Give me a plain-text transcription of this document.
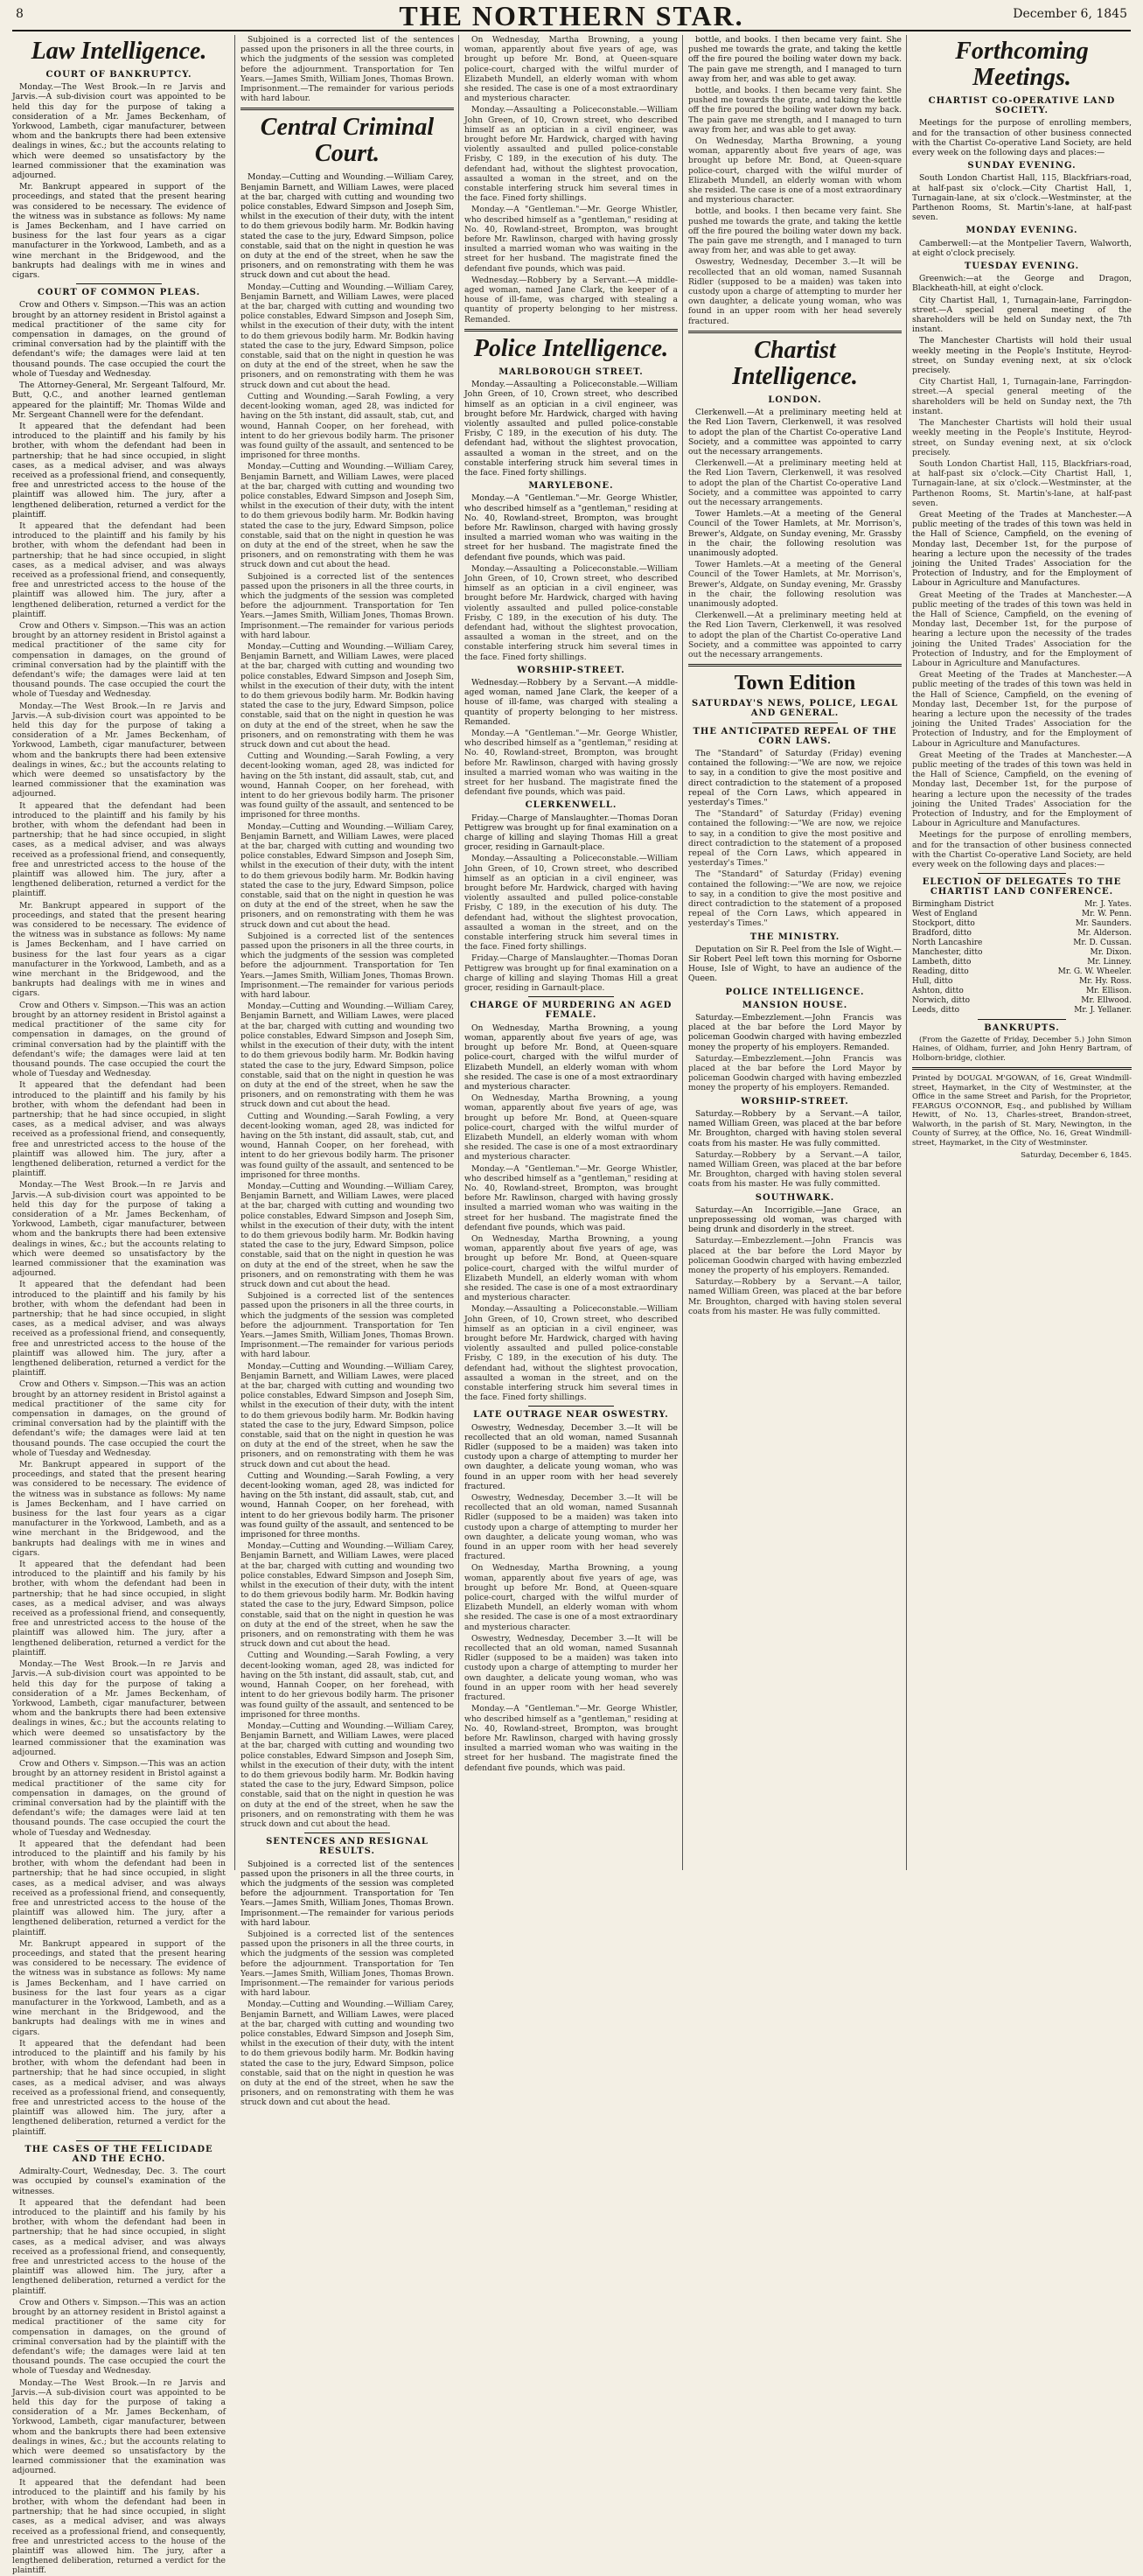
8	THE NORTHERN STAR.	December 6, 1845
Law Intelligence.
COURT OF BANKRUPTCY.

Monday.—The West Brook.—In re Jarvis and Jarvis.—A sub-division court was appointed to be held this day for the purpose of taking a consideration of a Mr. James Beckenham, of Yorkwood, Lambeth, cigar manufacturer, between whom and the bankrupts there had been extensive dealings in wines, &c.; but the accounts relating to which were deemed so unsatisfactory by the learned commissioner that the examination was adjourned.

Mr. Bankrupt appeared in support of the proceedings, and stated that the present hearing was considered to be necessary. The evidence of the witness was in substance as follows: My name is James Beckenham, and I have carried on business for the last four years as a cigar manufacturer in the Yorkwood, Lambeth, and as a wine merchant in the Bridgewood, and the bankrupts had dealings with me in wines and cigars.

COURT OF COMMON PLEAS.

Crow and Others v. Simpson.—This was an action brought by an attorney resident in Bristol against a medical practitioner of the same city for compensation in damages, on the ground of criminal conversation had by the plaintiff with the defendant's wife; the damages were laid at ten thousand pounds. The case occupied the court the whole of Tuesday and Wednesday.

The Attorney-General, Mr. Sergeant Talfourd, Mr. Butt, Q.C., and another learned gentleman appeared for the plaintiff; Mr. Thomas Wilde and Mr. Sergeant Channell were for the defendant.

It appeared that the defendant had been introduced to the plaintiff and his family by his brother, with whom the defendant had been in partnership; that he had since occupied, in slight cases, as a medical adviser, and was always received as a professional friend, and consequently, free and unrestricted access to the house of the plaintiff was allowed him. The jury, after a lengthened deliberation, returned a verdict for the plaintiff.

It appeared that the defendant had been introduced to the plaintiff and his family by his brother, with whom the defendant had been in partnership; that he had since occupied, in slight cases, as a medical adviser, and was always received as a professional friend, and consequently, free and unrestricted access to the house of the plaintiff was allowed him. The jury, after a lengthened deliberation, returned a verdict for the plaintiff.

Crow and Others v. Simpson.—This was an action brought by an attorney resident in Bristol against a medical practitioner of the same city for compensation in damages, on the ground of criminal conversation had by the plaintiff with the defendant's wife; the damages were laid at ten thousand pounds. The case occupied the court the whole of Tuesday and Wednesday.

Monday.—The West Brook.—In re Jarvis and Jarvis.—A sub-division court was appointed to be held this day for the purpose of taking a consideration of a Mr. James Beckenham, of Yorkwood, Lambeth, cigar manufacturer, between whom and the bankrupts there had been extensive dealings in wines, &c.; but the accounts relating to which were deemed so unsatisfactory by the learned commissioner that the examination was adjourned.

It appeared that the defendant had been introduced to the plaintiff and his family by his brother, with whom the defendant had been in partnership; that he had since occupied, in slight cases, as a medical adviser, and was always received as a professional friend, and consequently, free and unrestricted access to the house of the plaintiff was allowed him. The jury, after a lengthened deliberation, returned a verdict for the plaintiff.

Mr. Bankrupt appeared in support of the proceedings, and stated that the present hearing was considered to be necessary. The evidence of the witness was in substance as follows: My name is James Beckenham, and I have carried on business for the last four years as a cigar manufacturer in the Yorkwood, Lambeth, and as a wine merchant in the Bridgewood, and the bankrupts had dealings with me in wines and cigars.

Crow and Others v. Simpson.—This was an action brought by an attorney resident in Bristol against a medical practitioner of the same city for compensation in damages, on the ground of criminal conversation had by the plaintiff with the defendant's wife; the damages were laid at ten thousand pounds. The case occupied the court the whole of Tuesday and Wednesday.

It appeared that the defendant had been introduced to the plaintiff and his family by his brother, with whom the defendant had been in partnership; that he had since occupied, in slight cases, as a medical adviser, and was always received as a professional friend, and consequently, free and unrestricted access to the house of the plaintiff was allowed him. The jury, after a lengthened deliberation, returned a verdict for the plaintiff.

Monday.—The West Brook.—In re Jarvis and Jarvis.—A sub-division court was appointed to be held this day for the purpose of taking a consideration of a Mr. James Beckenham, of Yorkwood, Lambeth, cigar manufacturer, between whom and the bankrupts there had been extensive dealings in wines, &c.; but the accounts relating to which were deemed so unsatisfactory by the learned commissioner that the examination was adjourned.

It appeared that the defendant had been introduced to the plaintiff and his family by his brother, with whom the defendant had been in partnership; that he had since occupied, in slight cases, as a medical adviser, and was always received as a professional friend, and consequently, free and unrestricted access to the house of the plaintiff was allowed him. The jury, after a lengthened deliberation, returned a verdict for the plaintiff.

Crow and Others v. Simpson.—This was an action brought by an attorney resident in Bristol against a medical practitioner of the same city for compensation in damages, on the ground of criminal conversation had by the plaintiff with the defendant's wife; the damages were laid at ten thousand pounds. The case occupied the court the whole of Tuesday and Wednesday.

Mr. Bankrupt appeared in support of the proceedings, and stated that the present hearing was considered to be necessary. The evidence of the witness was in substance as follows: My name is James Beckenham, and I have carried on business for the last four years as a cigar manufacturer in the Yorkwood, Lambeth, and as a wine merchant in the Bridgewood, and the bankrupts had dealings with me in wines and cigars.

It appeared that the defendant had been introduced to the plaintiff and his family by his brother, with whom the defendant had been in partnership; that he had since occupied, in slight cases, as a medical adviser, and was always received as a professional friend, and consequently, free and unrestricted access to the house of the plaintiff was allowed him. The jury, after a lengthened deliberation, returned a verdict for the plaintiff.

Monday.—The West Brook.—In re Jarvis and Jarvis.—A sub-division court was appointed to be held this day for the purpose of taking a consideration of a Mr. James Beckenham, of Yorkwood, Lambeth, cigar manufacturer, between whom and the bankrupts there had been extensive dealings in wines, &c.; but the accounts relating to which were deemed so unsatisfactory by the learned commissioner that the examination was adjourned.

Crow and Others v. Simpson.—This was an action brought by an attorney resident in Bristol against a medical practitioner of the same city for compensation in damages, on the ground of criminal conversation had by the plaintiff with the defendant's wife; the damages were laid at ten thousand pounds. The case occupied the court the whole of Tuesday and Wednesday.

It appeared that the defendant had been introduced to the plaintiff and his family by his brother, with whom the defendant had been in partnership; that he had since occupied, in slight cases, as a medical adviser, and was always received as a professional friend, and consequently, free and unrestricted access to the house of the plaintiff was allowed him. The jury, after a lengthened deliberation, returned a verdict for the plaintiff.

Mr. Bankrupt appeared in support of the proceedings, and stated that the present hearing was considered to be necessary. The evidence of the witness was in substance as follows: My name is James Beckenham, and I have carried on business for the last four years as a cigar manufacturer in the Yorkwood, Lambeth, and as a wine merchant in the Bridgewood, and the bankrupts had dealings with me in wines and cigars.

It appeared that the defendant had been introduced to the plaintiff and his family by his brother, with whom the defendant had been in partnership; that he had since occupied, in slight cases, as a medical adviser, and was always received as a professional friend, and consequently, free and unrestricted access to the house of the plaintiff was allowed him. The jury, after a lengthened deliberation, returned a verdict for the plaintiff.

THE CASES OF THE FELICIDADE AND THE ECHO.

Admiralty-Court, Wednesday, Dec. 3. The court was occupied by counsel's examination of the witnesses.

It appeared that the defendant had been introduced to the plaintiff and his family by his brother, with whom the defendant had been in partnership; that he had since occupied, in slight cases, as a medical adviser, and was always received as a professional friend, and consequently, free and unrestricted access to the house of the plaintiff was allowed him. The jury, after a lengthened deliberation, returned a verdict for the plaintiff.

Crow and Others v. Simpson.—This was an action brought by an attorney resident in Bristol against a medical practitioner of the same city for compensation in damages, on the ground of criminal conversation had by the plaintiff with the defendant's wife; the damages were laid at ten thousand pounds. The case occupied the court the whole of Tuesday and Wednesday.

Monday.—The West Brook.—In re Jarvis and Jarvis.—A sub-division court was appointed to be held this day for the purpose of taking a consideration of a Mr. James Beckenham, of Yorkwood, Lambeth, cigar manufacturer, between whom and the bankrupts there had been extensive dealings in wines, &c.; but the accounts relating to which were deemed so unsatisfactory by the learned commissioner that the examination was adjourned.

It appeared that the defendant had been introduced to the plaintiff and his family by his brother, with whom the defendant had been in partnership; that he had since occupied, in slight cases, as a medical adviser, and was always received as a professional friend, and consequently, free and unrestricted access to the house of the plaintiff was allowed him. The jury, after a lengthened deliberation, returned a verdict for the plaintiff.

Subjoined is a corrected list of the sentences passed upon the prisoners in all the three courts, in which the judgments of the session was completed before the adjournment. Transportation for Ten Years.—James Smith, William Jones, Thomas Brown. Imprisonment.—The remainder for various periods with hard labour.

Central Criminal Court.

Monday.—Cutting and Wounding.—William Carey, Benjamin Barnett, and William Lawes, were placed at the bar, charged with cutting and wounding two police constables, Edward Simpson and Joseph Sim, whilst in the execution of their duty, with the intent to do them grievous bodily harm. Mr. Bodkin having stated the case to the jury, Edward Simpson, police constable, said that on the night in question he was on duty at the end of the street, when he saw the prisoners, and on remonstrating with them he was struck down and cut about the head.

Monday.—Cutting and Wounding.—William Carey, Benjamin Barnett, and William Lawes, were placed at the bar, charged with cutting and wounding two police constables, Edward Simpson and Joseph Sim, whilst in the execution of their duty, with the intent to do them grievous bodily harm. Mr. Bodkin having stated the case to the jury, Edward Simpson, police constable, said that on the night in question he was on duty at the end of the street, when he saw the prisoners, and on remonstrating with them he was struck down and cut about the head.

Cutting and Wounding.—Sarah Fowling, a very decent-looking woman, aged 28, was indicted for having on the 5th instant, did assault, stab, cut, and wound, Hannah Cooper, on her forehead, with intent to do her grievous bodily harm. The prisoner was found guilty of the assault, and sentenced to be imprisoned for three months.

Monday.—Cutting and Wounding.—William Carey, Benjamin Barnett, and William Lawes, were placed at the bar, charged with cutting and wounding two police constables, Edward Simpson and Joseph Sim, whilst in the execution of their duty, with the intent to do them grievous bodily harm. Mr. Bodkin having stated the case to the jury, Edward Simpson, police constable, said that on the night in question he was on duty at the end of the street, when he saw the prisoners, and on remonstrating with them he was struck down and cut about the head.

Subjoined is a corrected list of the sentences passed upon the prisoners in all the three courts, in which the judgments of the session was completed before the adjournment. Transportation for Ten Years.—James Smith, William Jones, Thomas Brown. Imprisonment.—The remainder for various periods with hard labour.

Monday.—Cutting and Wounding.—William Carey, Benjamin Barnett, and William Lawes, were placed at the bar, charged with cutting and wounding two police constables, Edward Simpson and Joseph Sim, whilst in the execution of their duty, with the intent to do them grievous bodily harm. Mr. Bodkin having stated the case to the jury, Edward Simpson, police constable, said that on the night in question he was on duty at the end of the street, when he saw the prisoners, and on remonstrating with them he was struck down and cut about the head.

Cutting and Wounding.—Sarah Fowling, a very decent-looking woman, aged 28, was indicted for having on the 5th instant, did assault, stab, cut, and wound, Hannah Cooper, on her forehead, with intent to do her grievous bodily harm. The prisoner was found guilty of the assault, and sentenced to be imprisoned for three months.

Monday.—Cutting and Wounding.—William Carey, Benjamin Barnett, and William Lawes, were placed at the bar, charged with cutting and wounding two police constables, Edward Simpson and Joseph Sim, whilst in the execution of their duty, with the intent to do them grievous bodily harm. Mr. Bodkin having stated the case to the jury, Edward Simpson, police constable, said that on the night in question he was on duty at the end of the street, when he saw the prisoners, and on remonstrating with them he was struck down and cut about the head.

Subjoined is a corrected list of the sentences passed upon the prisoners in all the three courts, in which the judgments of the session was completed before the adjournment. Transportation for Ten Years.—James Smith, William Jones, Thomas Brown. Imprisonment.—The remainder for various periods with hard labour.

Monday.—Cutting and Wounding.—William Carey, Benjamin Barnett, and William Lawes, were placed at the bar, charged with cutting and wounding two police constables, Edward Simpson and Joseph Sim, whilst in the execution of their duty, with the intent to do them grievous bodily harm. Mr. Bodkin having stated the case to the jury, Edward Simpson, police constable, said that on the night in question he was on duty at the end of the street, when he saw the prisoners, and on remonstrating with them he was struck down and cut about the head.

Cutting and Wounding.—Sarah Fowling, a very decent-looking woman, aged 28, was indicted for having on the 5th instant, did assault, stab, cut, and wound, Hannah Cooper, on her forehead, with intent to do her grievous bodily harm. The prisoner was found guilty of the assault, and sentenced to be imprisoned for three months.

Monday.—Cutting and Wounding.—William Carey, Benjamin Barnett, and William Lawes, were placed at the bar, charged with cutting and wounding two police constables, Edward Simpson and Joseph Sim, whilst in the execution of their duty, with the intent to do them grievous bodily harm. Mr. Bodkin having stated the case to the jury, Edward Simpson, police constable, said that on the night in question he was on duty at the end of the street, when he saw the prisoners, and on remonstrating with them he was struck down and cut about the head.

Subjoined is a corrected list of the sentences passed upon the prisoners in all the three courts, in which the judgments of the session was completed before the adjournment. Transportation for Ten Years.—James Smith, William Jones, Thomas Brown. Imprisonment.—The remainder for various periods with hard labour.

Monday.—Cutting and Wounding.—William Carey, Benjamin Barnett, and William Lawes, were placed at the bar, charged with cutting and wounding two police constables, Edward Simpson and Joseph Sim, whilst in the execution of their duty, with the intent to do them grievous bodily harm. Mr. Bodkin having stated the case to the jury, Edward Simpson, police constable, said that on the night in question he was on duty at the end of the street, when he saw the prisoners, and on remonstrating with them he was struck down and cut about the head.

Cutting and Wounding.—Sarah Fowling, a very decent-looking woman, aged 28, was indicted for having on the 5th instant, did assault, stab, cut, and wound, Hannah Cooper, on her forehead, with intent to do her grievous bodily harm. The prisoner was found guilty of the assault, and sentenced to be imprisoned for three months.

Monday.—Cutting and Wounding.—William Carey, Benjamin Barnett, and William Lawes, were placed at the bar, charged with cutting and wounding two police constables, Edward Simpson and Joseph Sim, whilst in the execution of their duty, with the intent to do them grievous bodily harm. Mr. Bodkin having stated the case to the jury, Edward Simpson, police constable, said that on the night in question he was on duty at the end of the street, when he saw the prisoners, and on remonstrating with them he was struck down and cut about the head.

Cutting and Wounding.—Sarah Fowling, a very decent-looking woman, aged 28, was indicted for having on the 5th instant, did assault, stab, cut, and wound, Hannah Cooper, on her forehead, with intent to do her grievous bodily harm. The prisoner was found guilty of the assault, and sentenced to be imprisoned for three months.

Monday.—Cutting and Wounding.—William Carey, Benjamin Barnett, and William Lawes, were placed at the bar, charged with cutting and wounding two police constables, Edward Simpson and Joseph Sim, whilst in the execution of their duty, with the intent to do them grievous bodily harm. Mr. Bodkin having stated the case to the jury, Edward Simpson, police constable, said that on the night in question he was on duty at the end of the street, when he saw the prisoners, and on remonstrating with them he was struck down and cut about the head.

SENTENCES AND RESIGNAL RESULTS.

Subjoined is a corrected list of the sentences passed upon the prisoners in all the three courts, in which the judgments of the session was completed before the adjournment. Transportation for Ten Years.—James Smith, William Jones, Thomas Brown. Imprisonment.—The remainder for various periods with hard labour.

Subjoined is a corrected list of the sentences passed upon the prisoners in all the three courts, in which the judgments of the session was completed before the adjournment. Transportation for Ten Years.—James Smith, William Jones, Thomas Brown. Imprisonment.—The remainder for various periods with hard labour.

Monday.—Cutting and Wounding.—William Carey, Benjamin Barnett, and William Lawes, were placed at the bar, charged with cutting and wounding two police constables, Edward Simpson and Joseph Sim, whilst in the execution of their duty, with the intent to do them grievous bodily harm. Mr. Bodkin having stated the case to the jury, Edward Simpson, police constable, said that on the night in question he was on duty at the end of the street, when he saw the prisoners, and on remonstrating with them he was struck down and cut about the head.

On Wednesday, Martha Browning, a young woman, apparently about five years of age, was brought up before Mr. Bond, at Queen-square police-court, charged with the wilful murder of Elizabeth Mundell, an elderly woman with whom she resided. The case is one of a most extraordinary and mysterious character.

Monday.—Assaulting a Policeconstable.—William John Green, of 10, Crown street, who described himself as an optician in a civil engineer, was brought before Mr. Hardwick, charged with having violently assaulted and pulled police-constable Frisby, C 189, in the execution of his duty. The defendant had, without the slightest provocation, assaulted a woman in the street, and on the constable interfering struck him several times in the face. Fined forty shillings.

Monday.—A "Gentleman."—Mr. George Whistler, who described himself as a "gentleman," residing at No. 40, Rowland-street, Brompton, was brought before Mr. Rawlinson, charged with having grossly insulted a married woman who was waiting in the street for her husband. The magistrate fined the defendant five pounds, which was paid.

Wednesday.—Robbery by a Servant.—A middle-aged woman, named Jane Clark, the keeper of a house of ill-fame, was charged with stealing a quantity of property belonging to her mistress. Remanded.

Police Intelligence.
MARLBOROUGH STREET.

Monday.—Assaulting a Policeconstable.—William John Green, of 10, Crown street, who described himself as an optician in a civil engineer, was brought before Mr. Hardwick, charged with having violently assaulted and pulled police-constable Frisby, C 189, in the execution of his duty. The defendant had, without the slightest provocation, assaulted a woman in the street, and on the constable interfering struck him several times in the face. Fined forty shillings.

MARYLEBONE.

Monday.—A "Gentleman."—Mr. George Whistler, who described himself as a "gentleman," residing at No. 40, Rowland-street, Brompton, was brought before Mr. Rawlinson, charged with having grossly insulted a married woman who was waiting in the street for her husband. The magistrate fined the defendant five pounds, which was paid.

Monday.—Assaulting a Policeconstable.—William John Green, of 10, Crown street, who described himself as an optician in a civil engineer, was brought before Mr. Hardwick, charged with having violently assaulted and pulled police-constable Frisby, C 189, in the execution of his duty. The defendant had, without the slightest provocation, assaulted a woman in the street, and on the constable interfering struck him several times in the face. Fined forty shillings.

WORSHIP-STREET.

Wednesday.—Robbery by a Servant.—A middle-aged woman, named Jane Clark, the keeper of a house of ill-fame, was charged with stealing a quantity of property belonging to her mistress. Remanded.

Monday.—A "Gentleman."—Mr. George Whistler, who described himself as a "gentleman," residing at No. 40, Rowland-street, Brompton, was brought before Mr. Rawlinson, charged with having grossly insulted a married woman who was waiting in the street for her husband. The magistrate fined the defendant five pounds, which was paid.

CLERKENWELL.

Friday.—Charge of Manslaughter.—Thomas Doran Pettigrew was brought up for final examination on a charge of killing and slaying Thomas Hill a great grocer, residing in Garnault-place.

Monday.—Assaulting a Policeconstable.—William John Green, of 10, Crown street, who described himself as an optician in a civil engineer, was brought before Mr. Hardwick, charged with having violently assaulted and pulled police-constable Frisby, C 189, in the execution of his duty. The defendant had, without the slightest provocation, assaulted a woman in the street, and on the constable interfering struck him several times in the face. Fined forty shillings.

Friday.—Charge of Manslaughter.—Thomas Doran Pettigrew was brought up for final examination on a charge of killing and slaying Thomas Hill a great grocer, residing in Garnault-place.

CHARGE OF MURDERING AN AGED FEMALE.

On Wednesday, Martha Browning, a young woman, apparently about five years of age, was brought up before Mr. Bond, at Queen-square police-court, charged with the wilful murder of Elizabeth Mundell, an elderly woman with whom she resided. The case is one of a most extraordinary and mysterious character.

On Wednesday, Martha Browning, a young woman, apparently about five years of age, was brought up before Mr. Bond, at Queen-square police-court, charged with the wilful murder of Elizabeth Mundell, an elderly woman with whom she resided. The case is one of a most extraordinary and mysterious character.

Monday.—A "Gentleman."—Mr. George Whistler, who described himself as a "gentleman," residing at No. 40, Rowland-street, Brompton, was brought before Mr. Rawlinson, charged with having grossly insulted a married woman who was waiting in the street for her husband. The magistrate fined the defendant five pounds, which was paid.

On Wednesday, Martha Browning, a young woman, apparently about five years of age, was brought up before Mr. Bond, at Queen-square police-court, charged with the wilful murder of Elizabeth Mundell, an elderly woman with whom she resided. The case is one of a most extraordinary and mysterious character.

Monday.—Assaulting a Policeconstable.—William John Green, of 10, Crown street, who described himself as an optician in a civil engineer, was brought before Mr. Hardwick, charged with having violently assaulted and pulled police-constable Frisby, C 189, in the execution of his duty. The defendant had, without the slightest provocation, assaulted a woman in the street, and on the constable interfering struck him several times in the face. Fined forty shillings.

LATE OUTRAGE NEAR OSWESTRY.

Oswestry, Wednesday, December 3.—It will be recollected that an old woman, named Susannah Ridler (supposed to be a maiden) was taken into custody upon a charge of attempting to murder her own daughter, a delicate young woman, who was found in an upper room with her head severely fractured.

Oswestry, Wednesday, December 3.—It will be recollected that an old woman, named Susannah Ridler (supposed to be a maiden) was taken into custody upon a charge of attempting to murder her own daughter, a delicate young woman, who was found in an upper room with her head severely fractured.

On Wednesday, Martha Browning, a young woman, apparently about five years of age, was brought up before Mr. Bond, at Queen-square police-court, charged with the wilful murder of Elizabeth Mundell, an elderly woman with whom she resided. The case is one of a most extraordinary and mysterious character.

Oswestry, Wednesday, December 3.—It will be recollected that an old woman, named Susannah Ridler (supposed to be a maiden) was taken into custody upon a charge of attempting to murder her own daughter, a delicate young woman, who was found in an upper room with her head severely fractured.

Monday.—A "Gentleman."—Mr. George Whistler, who described himself as a "gentleman," residing at No. 40, Rowland-street, Brompton, was brought before Mr. Rawlinson, charged with having grossly insulted a married woman who was waiting in the street for her husband. The magistrate fined the defendant five pounds, which was paid.

bottle, and books. I then became very faint. She pushed me towards the grate, and taking the kettle off the fire poured the boiling water down my back. The pain gave me strength, and I managed to turn away from her, and was able to get away.

bottle, and books. I then became very faint. She pushed me towards the grate, and taking the kettle off the fire poured the boiling water down my back. The pain gave me strength, and I managed to turn away from her, and was able to get away.

On Wednesday, Martha Browning, a young woman, apparently about five years of age, was brought up before Mr. Bond, at Queen-square police-court, charged with the wilful murder of Elizabeth Mundell, an elderly woman with whom she resided. The case is one of a most extraordinary and mysterious character.

bottle, and books. I then became very faint. She pushed me towards the grate, and taking the kettle off the fire poured the boiling water down my back. The pain gave me strength, and I managed to turn away from her, and was able to get away.

Oswestry, Wednesday, December 3.—It will be recollected that an old woman, named Susannah Ridler (supposed to be a maiden) was taken into custody upon a charge of attempting to murder her own daughter, a delicate young woman, who was found in an upper room with her head severely fractured.

Chartist Intelligence.
LONDON.

Clerkenwell.—At a preliminary meeting held at the Red Lion Tavern, Clerkenwell, it was resolved to adopt the plan of the Chartist Co-operative Land Society, and a committee was appointed to carry out the necessary arrangements.

Clerkenwell.—At a preliminary meeting held at the Red Lion Tavern, Clerkenwell, it was resolved to adopt the plan of the Chartist Co-operative Land Society, and a committee was appointed to carry out the necessary arrangements.

Tower Hamlets.—At a meeting of the General Council of the Tower Hamlets, at Mr. Morrison's, Brewer's, Aldgate, on Sunday evening, Mr. Grassby in the chair, the following resolution was unanimously adopted.

Tower Hamlets.—At a meeting of the General Council of the Tower Hamlets, at Mr. Morrison's, Brewer's, Aldgate, on Sunday evening, Mr. Grassby in the chair, the following resolution was unanimously adopted.

Clerkenwell.—At a preliminary meeting held at the Red Lion Tavern, Clerkenwell, it was resolved to adopt the plan of the Chartist Co-operative Land Society, and a committee was appointed to carry out the necessary arrangements.

Town Edition
SATURDAY'S NEWS, POLICE, LEGAL AND GENERAL.
THE ANTICIPATED REPEAL OF THE CORN LAWS.

The "Standard" of Saturday (Friday) evening contained the following:—"We are now, we rejoice to say, in a condition to give the most positive and direct contradiction to the statement of a proposed repeal of the Corn Laws, which appeared in yesterday's Times."

The "Standard" of Saturday (Friday) evening contained the following:—"We are now, we rejoice to say, in a condition to give the most positive and direct contradiction to the statement of a proposed repeal of the Corn Laws, which appeared in yesterday's Times."

The "Standard" of Saturday (Friday) evening contained the following:—"We are now, we rejoice to say, in a condition to give the most positive and direct contradiction to the statement of a proposed repeal of the Corn Laws, which appeared in yesterday's Times."

THE MINISTRY.

Deputation on Sir R. Peel from the Isle of Wight.—Sir Robert Peel left town this morning for Osborne House, Isle of Wight, to have an audience of the Queen.

POLICE INTELLIGENCE.
MANSION HOUSE.

Saturday.—Embezzlement.—John Francis was placed at the bar before the Lord Mayor by policeman Goodwin charged with having embezzled money the property of his employers. Remanded.

Saturday.—Embezzlement.—John Francis was placed at the bar before the Lord Mayor by policeman Goodwin charged with having embezzled money the property of his employers. Remanded.

WORSHIP-STREET.

Saturday.—Robbery by a Servant.—A tailor, named William Green, was placed at the bar before Mr. Broughton, charged with having stolen several coats from his master. He was fully committed.

Saturday.—Robbery by a Servant.—A tailor, named William Green, was placed at the bar before Mr. Broughton, charged with having stolen several coats from his master. He was fully committed.

SOUTHWARK.

Saturday.—An Incorrigible.—Jane Grace, an unprepossessing old woman, was charged with being drunk and disorderly in the street.

Saturday.—Embezzlement.—John Francis was placed at the bar before the Lord Mayor by policeman Goodwin charged with having embezzled money the property of his employers. Remanded.

Saturday.—Robbery by a Servant.—A tailor, named William Green, was placed at the bar before Mr. Broughton, charged with having stolen several coats from his master. He was fully committed.

Forthcoming Meetings.
CHARTIST CO-OPERATIVE LAND SOCIETY.

Meetings for the purpose of enrolling members, and for the transaction of other business connected with the Chartist Co-operative Land Society, are held every week on the following days and places:—

SUNDAY EVENING.

South London Chartist Hall, 115, Blackfriars-road, at half-past six o'clock.—City Chartist Hall, 1, Turnagain-lane, at six o'clock.—Westminster, at the Parthenon Rooms, St. Martin's-lane, at half-past seven.

MONDAY EVENING.

Camberwell:—at the Montpelier Tavern, Walworth, at eight o'clock precisely.

TUESDAY EVENING.

Greenwich:—at the George and Dragon, Blackheath-hill, at eight o'clock.

City Chartist Hall, 1, Turnagain-lane, Farringdon-street.—A special general meeting of the shareholders will be held on Sunday next, the 7th instant.

The Manchester Chartists will hold their usual weekly meeting in the People's Institute, Heyrod-street, on Sunday evening next, at six o'clock precisely.

City Chartist Hall, 1, Turnagain-lane, Farringdon-street.—A special general meeting of the shareholders will be held on Sunday next, the 7th instant.

The Manchester Chartists will hold their usual weekly meeting in the People's Institute, Heyrod-street, on Sunday evening next, at six o'clock precisely.

South London Chartist Hall, 115, Blackfriars-road, at half-past six o'clock.—City Chartist Hall, 1, Turnagain-lane, at six o'clock.—Westminster, at the Parthenon Rooms, St. Martin's-lane, at half-past seven.

Great Meeting of the Trades at Manchester.—A public meeting of the trades of this town was held in the Hall of Science, Campfield, on the evening of Monday last, December 1st, for the purpose of hearing a lecture upon the necessity of the trades joining the United Trades' Association for the Protection of Industry, and for the Employment of Labour in Agriculture and Manufactures.

Great Meeting of the Trades at Manchester.—A public meeting of the trades of this town was held in the Hall of Science, Campfield, on the evening of Monday last, December 1st, for the purpose of hearing a lecture upon the necessity of the trades joining the United Trades' Association for the Protection of Industry, and for the Employment of Labour in Agriculture and Manufactures.

Great Meeting of the Trades at Manchester.—A public meeting of the trades of this town was held in the Hall of Science, Campfield, on the evening of Monday last, December 1st, for the purpose of hearing a lecture upon the necessity of the trades joining the United Trades' Association for the Protection of Industry, and for the Employment of Labour in Agriculture and Manufactures.

Great Meeting of the Trades at Manchester.—A public meeting of the trades of this town was held in the Hall of Science, Campfield, on the evening of Monday last, December 1st, for the purpose of hearing a lecture upon the necessity of the trades joining the United Trades' Association for the Protection of Industry, and for the Employment of Labour in Agriculture and Manufactures.

Meetings for the purpose of enrolling members, and for the transaction of other business connected with the Chartist Co-operative Land Society, are held every week on the following days and places:—

ELECTION OF DELEGATES TO THE CHARTIST LAND CONFERENCE.
Birmingham District	Mr. J. Yates.
West of England	Mr. W. Penn.
Stockport, ditto	Mr. Saunders.
Bradford, ditto	Mr. Alderson.
North Lancashire	Mr. D. Cussan.
Manchester, ditto	Mr. Dixon.
Lambeth, ditto	Mr. Linney.
Reading, ditto	Mr. G. W. Wheeler.
Hull, ditto	Mr. Hy. Ross.
Ashton, ditto	Mr. Ellison.
Norwich, ditto	Mr. Ellwood.
Leeds, ditto	Mr. J. Yellaner.
BANKRUPTS.

(From the Gazette of Friday, December 5.) John Simon Haines, of Oldham, furrier, and John Henry Bartram, of Holborn-bridge, clothier.

Printed by DOUGAL M'GOWAN, of 16, Great Windmill-street, Haymarket, in the City of Westminster, at the Office in the same Street and Parish, for the Proprietor, FEARGUS O'CONNOR, Esq., and published by William Hewitt, of No. 13, Charles-street, Brandon-street, Walworth, in the parish of St. Mary, Newington, in the County of Surrey, at the Office, No. 16, Great Windmill-street, Haymarket, in the City of Westminster.
Saturday, December 6, 1845.
